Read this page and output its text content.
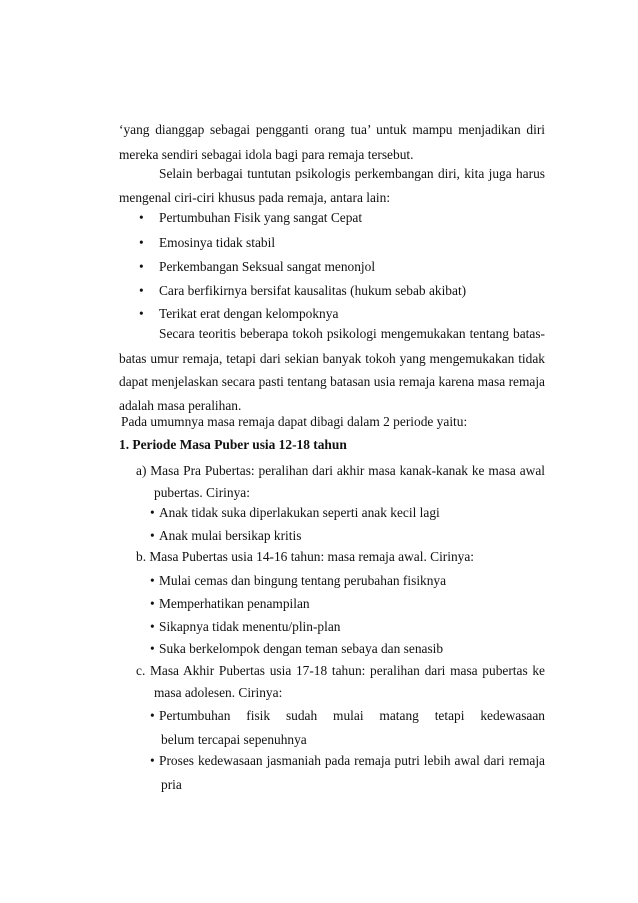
‘yang dianggap sebagai pengganti orang tua’ untuk mampu menjadikan diri
mereka sendiri sebagai idola bagi para remaja tersebut.
Selain berbagai tuntutan psikologis perkembangan diri, kita juga harus
mengenal ciri-ciri khusus pada remaja, antara lain:
• Pertumbuhan Fisik yang sangat Cepat
• Emosinya tidak stabil
• Perkembangan Seksual sangat menonjol
• Cara berfikirnya bersifat kausalitas (hukum sebab akibat)
• Terikat erat dengan kelompoknya
Secara teoritis beberapa tokoh psikologi mengemukakan tentang batas-
batas umur remaja, tetapi dari sekian banyak tokoh yang mengemukakan tidak
dapat menjelaskan secara pasti tentang batasan usia remaja karena masa remaja
adalah masa peralihan.
Pada umumnya masa remaja dapat dibagi dalam 2 periode yaitu:
1. Periode Masa Puber usia 12-18 tahun
a) Masa Pra Pubertas: peralihan dari akhir masa kanak-kanak ke masa awal
pubertas. Cirinya:
• Anak tidak suka diperlakukan seperti anak kecil lagi
• Anak mulai bersikap kritis
b. Masa Pubertas usia 14-16 tahun: masa remaja awal. Cirinya:
• Mulai cemas dan bingung tentang perubahan fisiknya
• Memperhatikan penampilan
• Sikapnya tidak menentu/plin-plan
• Suka berkelompok dengan teman sebaya dan senasib
c. Masa Akhir Pubertas usia 17-18 tahun: peralihan dari masa pubertas ke
masa adolesen. Cirinya:
• Pertumbuhan fisik sudah mulai matang tetapi kedewasaan
belum tercapai sepenuhnya
• Proses kedewasaan jasmaniah pada remaja putri lebih awal dari remaja
pria
